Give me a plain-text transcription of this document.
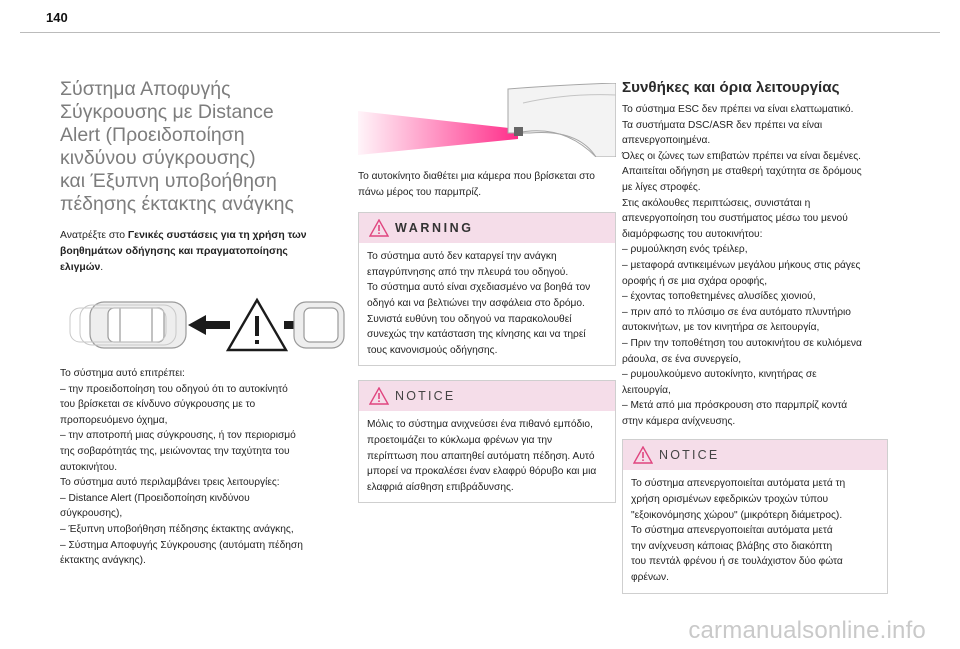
140
Σύστημα Αποφυγής
Σύγκρουσης με Distance
Alert (Προειδοποίηση
κινδύνου σύγκρουσης)
και Έξυπνη υποβοήθηση
πέδησης έκτακτης ανάγκης
Ανατρέξτε στο Γενικές συστάσεις για τη χρήση των
βοηθημάτων οδήγησης και πραγματοποίησης
ελιγμών.
Το σύστημα αυτό επιτρέπει:
– την προειδοποίηση του οδηγού ότι το αυτοκίνητό
του βρίσκεται σε κίνδυνο σύγκρουσης με το
προπορευόμενο όχημα,
– την αποτροπή μιας σύγκρουσης, ή τον περιορισμό
της σοβαρότητάς της, μειώνοντας την ταχύτητα του
αυτοκινήτου.
Το σύστημα αυτό περιλαμβάνει τρεις λειτουργίες:
– Distance Alert (Προειδοποίηση κινδύνου
σύγκρουσης),
– Έξυπνη υποβοήθηση πέδησης έκτακτης ανάγκης,
– Σύστημα Αποφυγής Σύγκρουσης (αυτόματη πέδηση
έκτακτης ανάγκης).
Το αυτοκίνητο διαθέτει μια κάμερα που βρίσκεται στο
πάνω μέρος του παρμπρίζ.
WARNING
Το σύστημα αυτό δεν καταργεί την ανάγκη
επαγρύπνησης από την πλευρά του οδηγού.
Το σύστημα αυτό είναι σχεδιασμένο να βοηθά τον
οδηγό και να βελτιώνει την ασφάλεια στο δρόμο.
Συνιστά ευθύνη του οδηγού να παρακολουθεί
συνεχώς την κατάσταση της κίνησης και να τηρεί
τους κανονισμούς οδήγησης.
NOTICE
Μόλις το σύστημα ανιχνεύσει ένα πιθανό εμπόδιο,
προετοιμάζει το κύκλωμα φρένων για την
περίπτωση που απαιτηθεί αυτόματη πέδηση. Αυτό
μπορεί να προκαλέσει έναν ελαφρύ θόρυβο και μια
ελαφριά αίσθηση επιβράδυνσης.
Συνθήκες και όρια λειτουργίας
Το σύστημα ESC δεν πρέπει να είναι ελαττωματικό.
Τα συστήματα DSC/ASR δεν πρέπει να είναι
απενεργοποιημένα.
Όλες οι ζώνες των επιβατών πρέπει να είναι δεμένες.
Απαιτείται οδήγηση με σταθερή ταχύτητα σε δρόμους
με λίγες στροφές.
Στις ακόλουθες περιπτώσεις, συνιστάται η
απενεργοποίηση του συστήματος μέσω του μενού
διαμόρφωσης του αυτοκινήτου:
– ρυμούλκηση ενός τρέιλερ,
– μεταφορά αντικειμένων μεγάλου μήκους στις ράγες
οροφής ή σε μια σχάρα οροφής,
– έχοντας τοποθετημένες αλυσίδες χιονιού,
– πριν από το πλύσιμο σε ένα αυτόματο πλυντήριο
αυτοκινήτων, με τον κινητήρα σε λειτουργία,
– Πριν την τοποθέτηση του αυτοκινήτου σε κυλιόμενα
ράουλα, σε ένα συνεργείο,
– ρυμουλκούμενο αυτοκίνητο, κινητήρας σε
λειτουργία,
– Μετά από μια πρόσκρουση στο παρμπρίζ κοντά
στην κάμερα ανίχνευσης.
NOTICE
Το σύστημα απενεργοποιείται αυτόματα μετά τη
χρήση ορισμένων εφεδρικών τροχών τύπου
"εξοικονόμησης χώρου" (μικρότερη διάμετρος).
Το σύστημα απενεργοποιείται αυτόματα μετά
την ανίχνευση κάποιας βλάβης στο διακόπτη
του πεντάλ φρένου ή σε τουλάχιστον δύο φώτα
φρένων.
carmanualsonline.info
